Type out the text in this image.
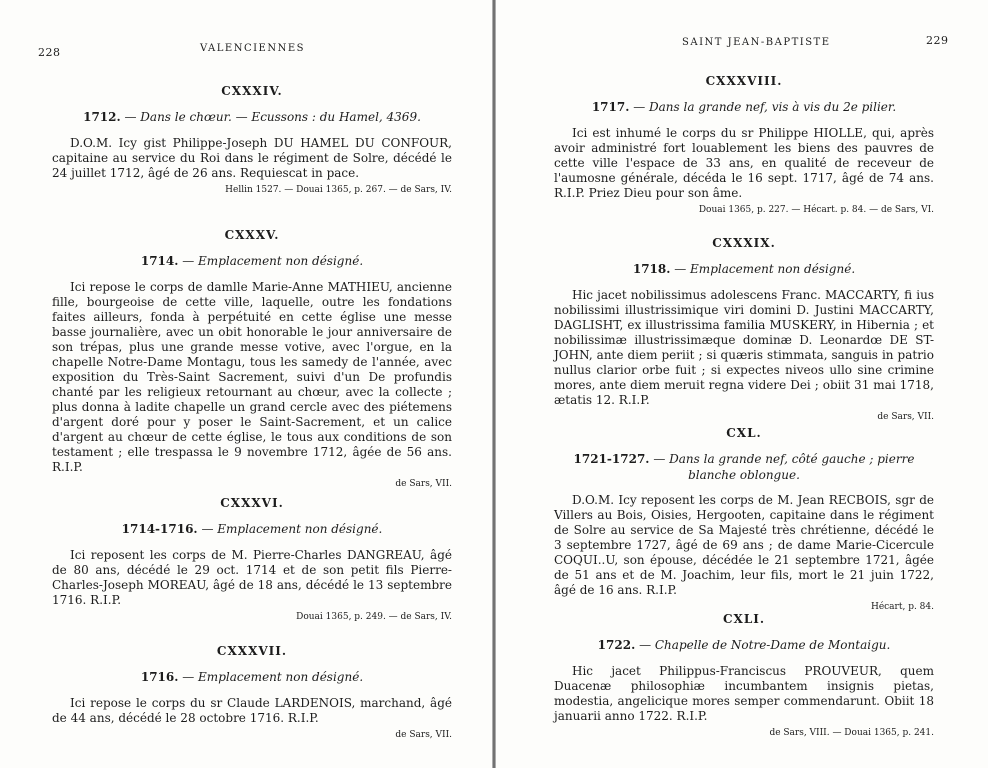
228	VALENCIENNES
CXXXIV.
1712. — Dans le chœur. — Ecussons : du Hamel, 4369.

D.O.M. Icy gist Philippe-Joseph DU HAMEL DU CONFOUR, capitaine au service du Roi dans le régiment de Solre, décédé le 24 juillet 1712, âgé de 26 ans. Requiescat in pace.

Hellin 1527. — Douai 1365, p. 267. — de Sars, IV.
CXXXV.
1714. — Emplacement non désigné.

Ici repose le corps de damlle Marie-Anne MATHIEU, ancienne fille, bourgeoise de cette ville, laquelle, outre les fondations faites ailleurs, fonda à perpétuité en cette église une messe basse journalière, avec un obit honorable le jour anniversaire de son trépas, plus une grande messe votive, avec l'orgue, en la chapelle Notre-Dame Montagu, tous les samedy de l'année, avec exposition du Très-Saint Sacrement, suivi d'un De profundis chanté par les religieux retournant au chœur, avec la collecte ; plus donna à ladite chapelle un grand cercle avec des piétemens d'argent doré pour y poser le Saint-Sacrement, et un calice d'argent au chœur de cette église, le tous aux conditions de son testament ; elle trespassa le 9 novembre 1712, âgée de 56 ans. R.I.P.

de Sars, VII.
CXXXVI.
1714-1716. — Emplacement non désigné.

Ici reposent les corps de M. Pierre-Charles DANGREAU, âgé de 80 ans, décédé le 29 oct. 1714 et de son petit fils Pierre-Charles-Joseph MOREAU, âgé de 18 ans, décédé le 13 septembre 1716. R.I.P.

Douai 1365, p. 249. — de Sars, IV.
CXXXVII.
1716. — Emplacement non désigné.

Ici repose le corps du sr Claude LARDENOIS, marchand, âgé de 44 ans, décédé le 28 octobre 1716. R.I.P.

de Sars, VII.
SAINT JEAN-BAPTISTE	229
CXXXVIII.
1717. — Dans la grande nef, vis à vis du 2e pilier.

Ici est inhumé le corps du sr Philippe HIOLLE, qui, après avoir administré fort louablement les biens des pauvres de cette ville l'espace de 33 ans, en qualité de receveur de l'aumosne générale, décéda le 16 sept. 1717, âgé de 74 ans. R.I.P. Priez Dieu pour son âme.

Douai 1365, p. 227. — Hécart. p. 84. — de Sars, VI.
CXXXIX.
1718. — Emplacement non désigné.

Hic jacet nobilissimus adolescens Franc. MACCARTY, fi ius nobilissimi illustrissimique viri domini D. Justini MACCARTY, DAGLISHT, ex illustrissima familia MUSKERY, in Hibernia ; et nobilissimæ illustrissimæque dominæ D. Leonardœ DE ST-JOHN, ante diem periit ; si quæris stimmata, sanguis in patrio nullus clarior orbe fuit ; si expectes niveos ullo sine crimine mores, ante diem meruit regna videre Dei ; obiit 31 mai 1718, ætatis 12. R.I.P.

de Sars, VII.
CXL.
1721-1727. — Dans la grande nef, côté gauche ; pierre blanche oblongue.

D.O.M. Icy reposent les corps de M. Jean RECBOIS, sgr de Villers au Bois, Oisies, Hergooten, capitaine dans le régiment de Solre au service de Sa Majesté très chrétienne, décédé le 3 septembre 1727, âgé de 69 ans ; de dame Marie-Cicercule COQUI..U, son épouse, décédée le 21 septembre 1721, âgée de 51 ans et de M. Joachim, leur fils, mort le 21 juin 1722, âgé de 16 ans. R.I.P.

Hécart, p. 84.
CXLI.
1722. — Chapelle de Notre-Dame de Montaigu.

Hic jacet Philippus-Franciscus PROUVEUR, quem Duacenæ philosophiæ incumbantem insignis pietas, modestia, angelicique mores semper commendarunt. Obiit 18 januarii anno 1722. R.I.P.

de Sars, VIII. — Douai 1365, p. 241.
